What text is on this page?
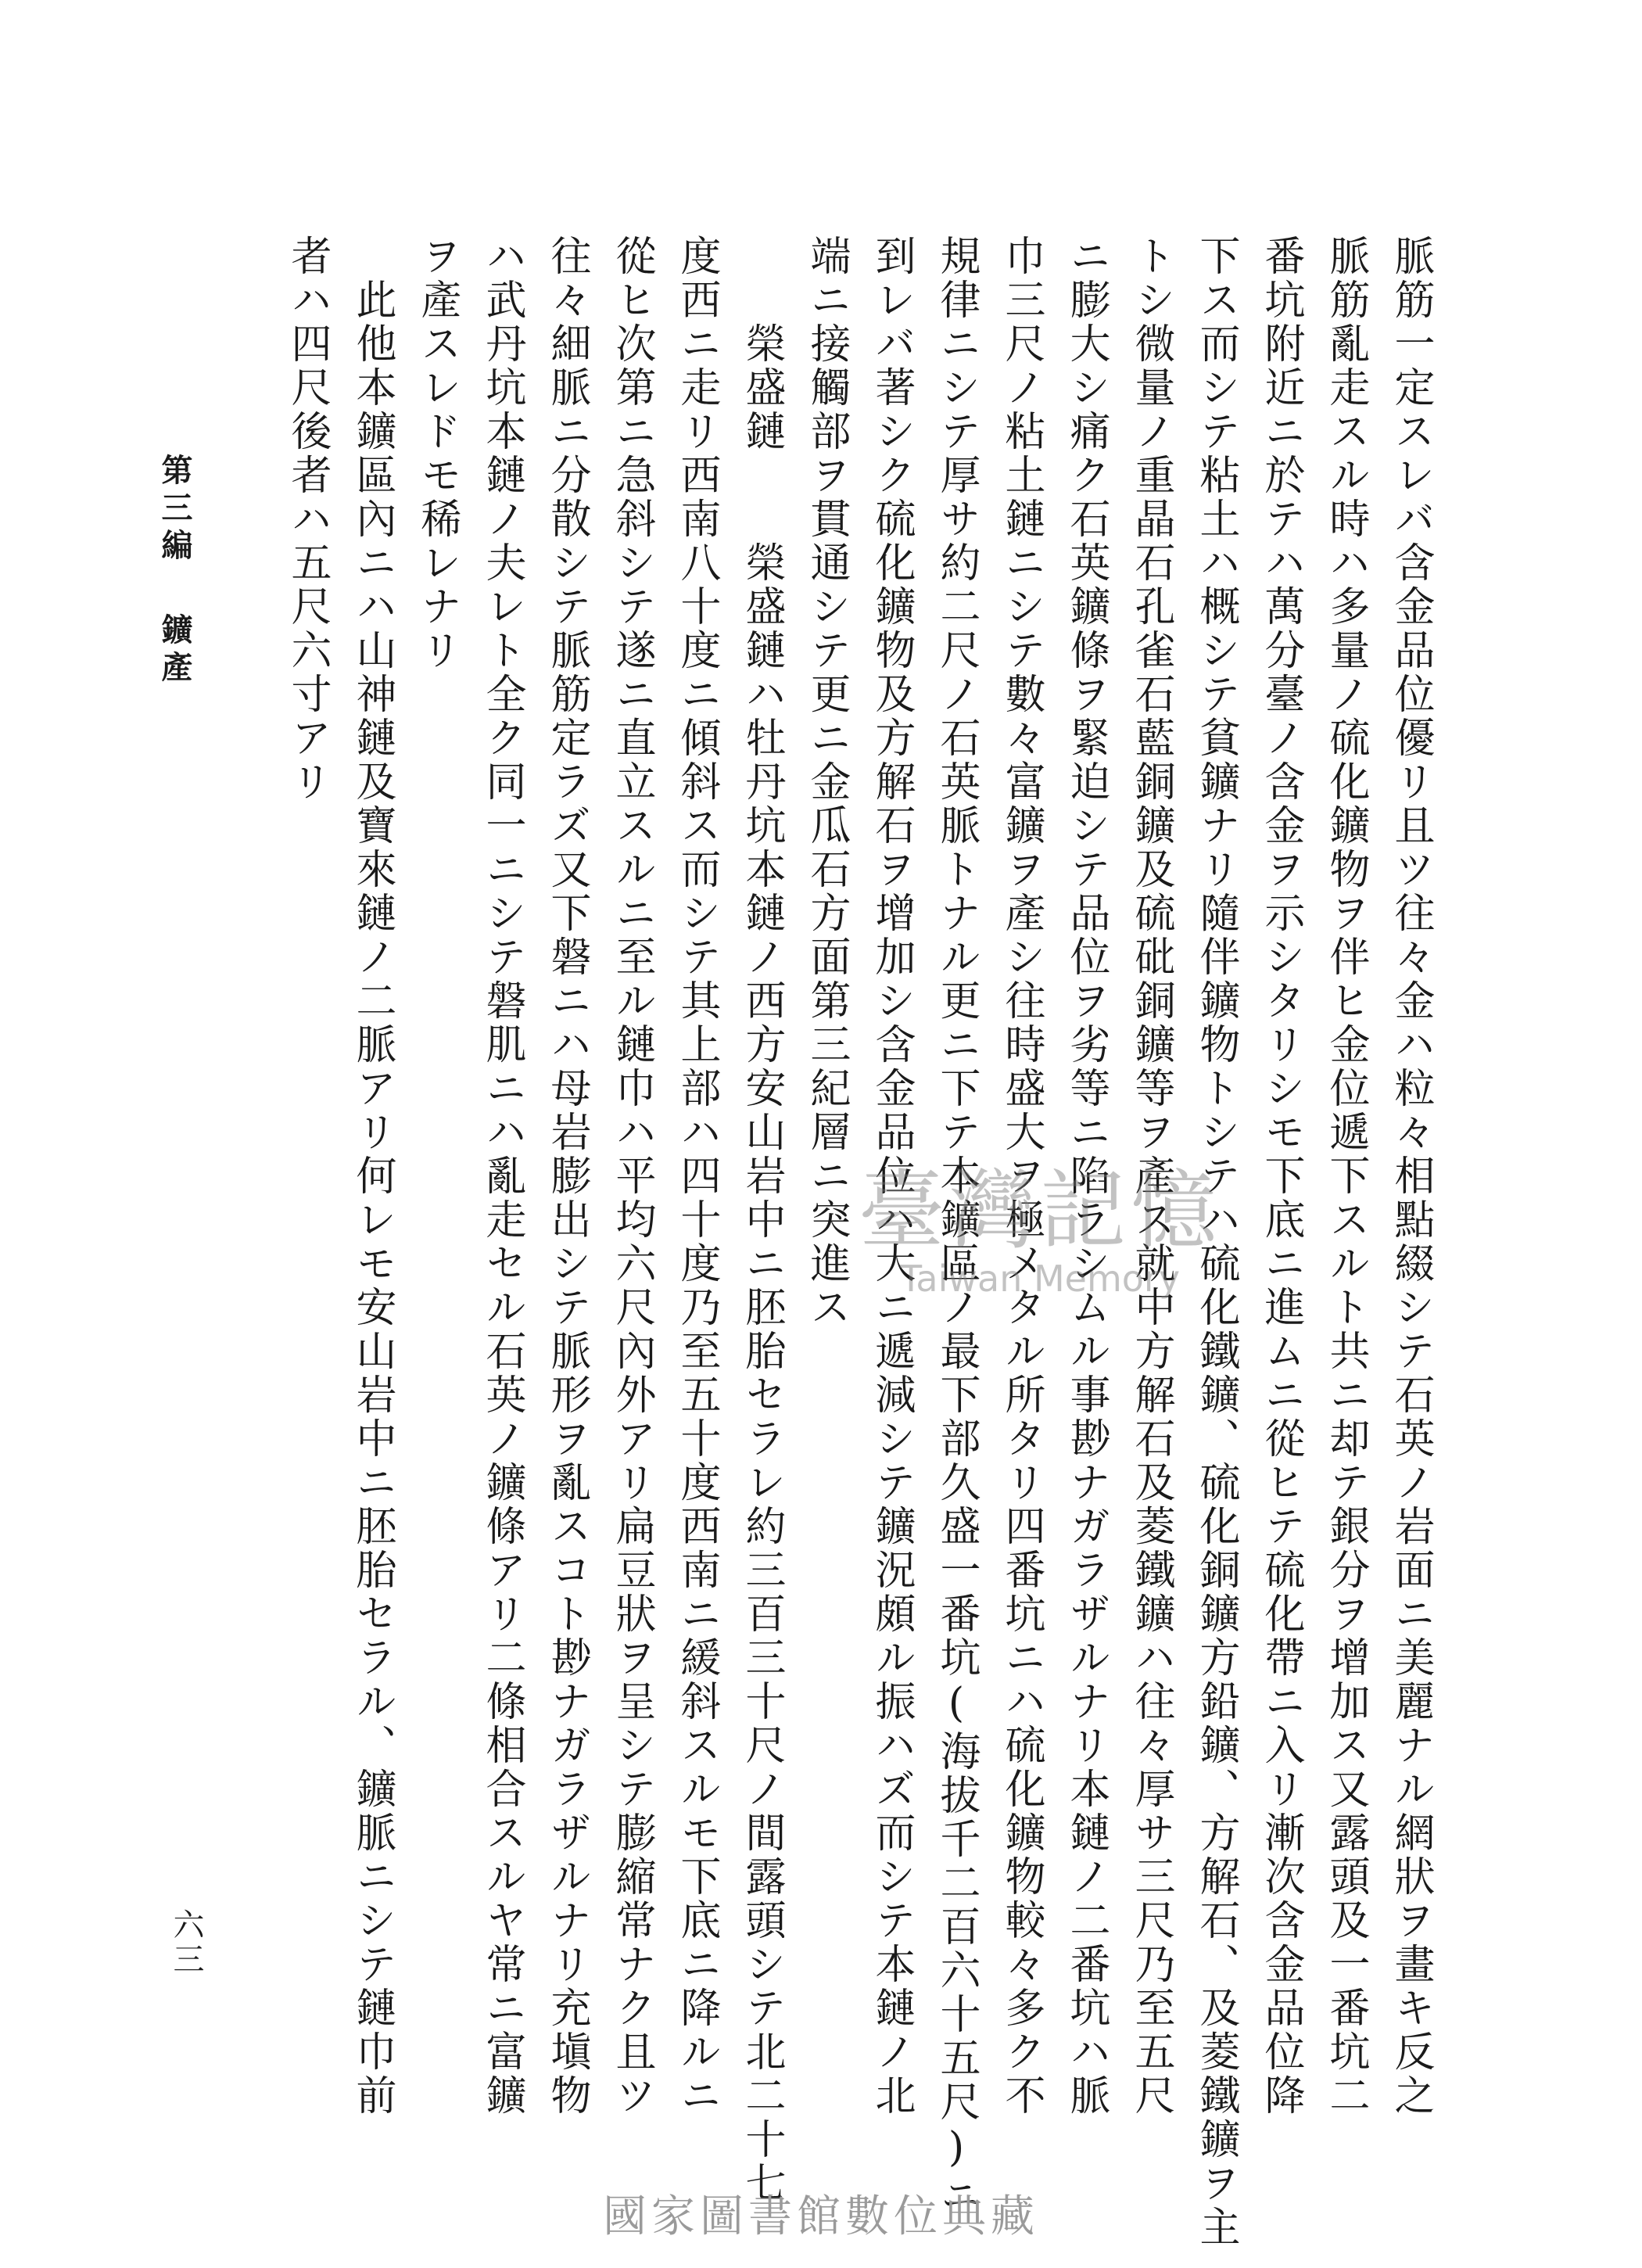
脈筋一定スレバ含金品位優リ且ツ往々金ハ粒々相點綴シテ石英ノ岩面ニ美麗ナル網狀ヲ畫キ反之
脈筋亂走スル時ハ多量ノ硫化鑛物ヲ伴ヒ金位遞下スルト共ニ却テ銀分ヲ增加ス又露頭及一番坑二
番坑附近ニ於テハ萬分臺ノ含金ヲ示シタリシモ下底ニ進ムニ從ヒテ硫化帶ニ入リ漸次含金品位降
下ス而シテ粘土ハ概シテ貧鑛ナリ隨伴鑛物トシテハ硫化鐵鑛、硫化銅鑛方鉛鑛、方解石、及菱鐵鑛ヲ主
トシ微量ノ重晶石孔雀石藍銅鑛及硫砒銅鑛等ヲ產ス就中方解石及菱鐵鑛ハ往々厚サ三尺乃至五尺
ニ膨大シ痛ク石英鑛條ヲ緊迫シテ品位ヲ劣等ニ陷ラシムル事尠ナガラザルナリ本鏈ノ二番坑ハ脈
巾三尺ノ粘土鏈ニシテ數々富鑛ヲ產シ往時盛大ヲ極メタル所タリ四番坑ニハ硫化鑛物較々多ク不
規律ニシテ厚サ約二尺ノ石英脈トナル更ニ下テ本鑛區ノ最下部久盛一番坑(海拔千二百六十五尺)ニ
到レバ著シク硫化鑛物及方解石ヲ增加シ含金品位ハ大ニ遞減シテ鑛況頗ル振ハズ而シテ本鏈ノ北
端ニ接觸部ヲ貫通シテ更ニ金瓜石方面第三紀層ニ突進ス
　　榮盛鏈　　榮盛鏈ハ牡丹坑本鏈ノ西方安山岩中ニ胚胎セラレ約三百三十尺ノ間露頭シテ北二十七
度西ニ走リ西南八十度ニ傾斜ス而シテ其上部ハ四十度乃至五十度西南ニ緩斜スルモ下底ニ降ルニ
從ヒ次第ニ急斜シテ遂ニ直立スルニ至ル鏈巾ハ平均六尺內外アリ扁豆狀ヲ呈シテ膨縮常ナク且ツ
往々細脈ニ分散シテ脈筋定ラズ又下磐ニハ母岩膨出シテ脈形ヲ亂スコト尠ナガラザルナリ充塡物
ハ武丹坑本鏈ノ夫レト全ク同一ニシテ磐肌ニハ亂走セル石英ノ鑛條アリ二條相合スルヤ常ニ富鑛
ヲ產スレドモ稀レナリ
　此他本鑛區內ニハ山神鏈及寶來鏈ノ二脈アリ何レモ安山岩中ニ胚胎セラル、鑛脈ニシテ鏈巾前
者ハ四尺後者ハ五尺六寸アリ
第三編鑛產
六三
臺灣記憶
Taiwan Memory
國家圖書館數位典藏
